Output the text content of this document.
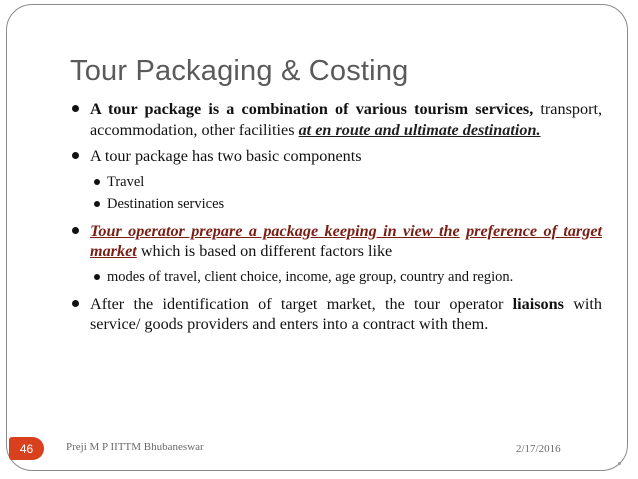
Tour Packaging & Costing
A tour package is a combination of various tourism services, transport, accommodation, other facilities at en route and ultimate destination.
A tour package has two basic components
Travel
Destination services
Tour operator prepare a package keeping in view the preference of target market which is based on different factors like
modes of travel, client choice, income, age group, country and region.
After the identification of target market, the tour operator liaisons with service/ goods providers and enters into a contract with them.
46	Preji M P IITTM Bhubaneswar	2/17/2016
